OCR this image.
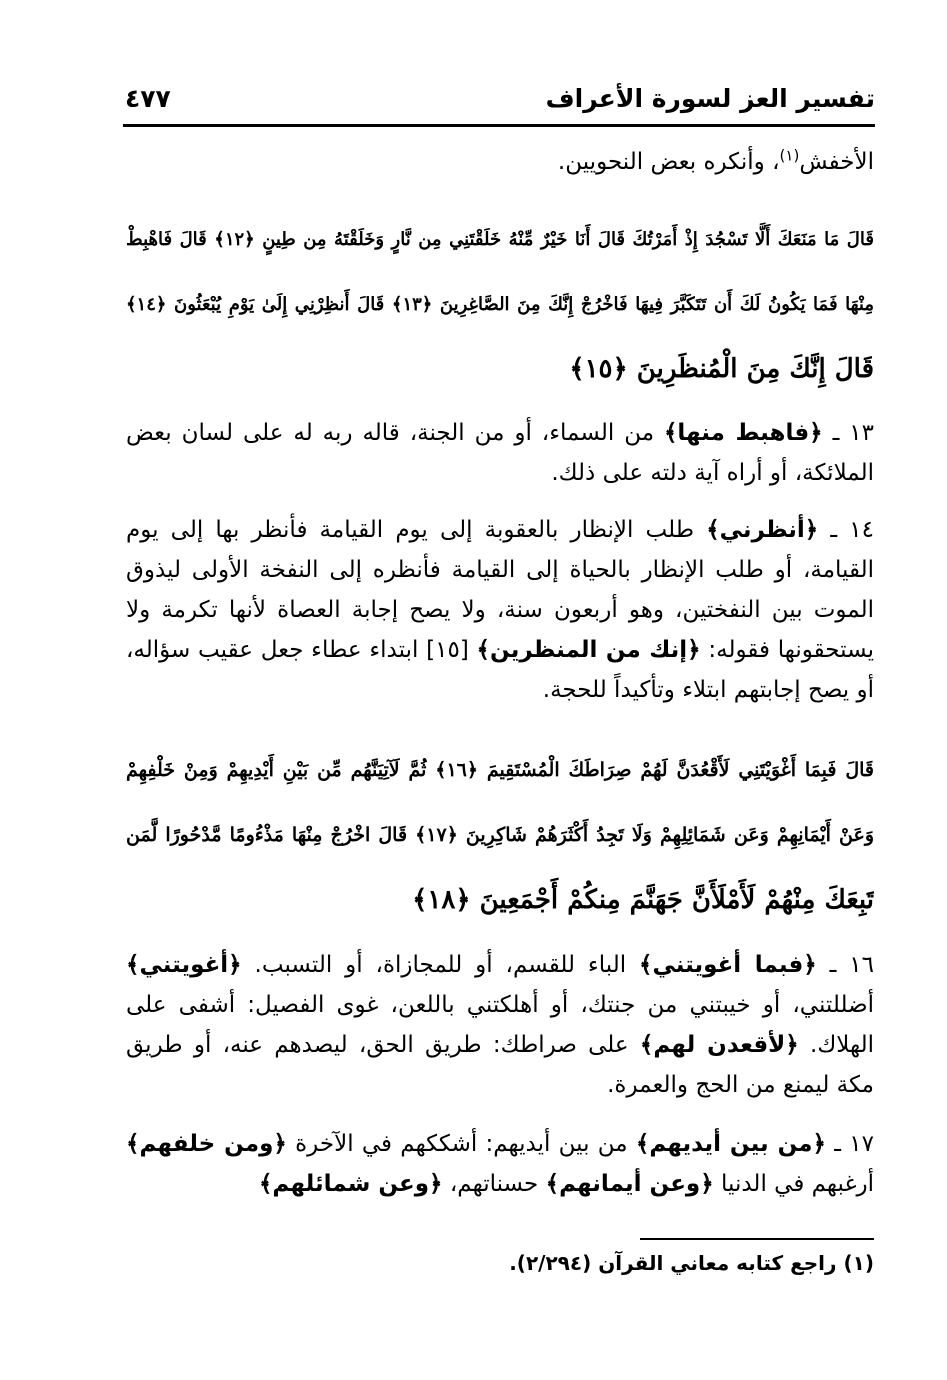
تفسير العز لسورة الأعراف
٤٧٧
الأخفش$^{(١)}$، وأنكره بعض النحويين.
قَالَ مَا مَنَعَكَ أَلَّا تَسْجُدَ إِذْ أَمَرْتُكَ قَالَ أَنَا خَيْرٌ مِّنْهُ خَلَقْتَنِي مِن نَّارٍ وَخَلَقْتَهُ مِن طِينٍ ﴿١٢﴾ قَالَ فَاهْبِطْ
مِنْهَا فَمَا يَكُونُ لَكَ أَن تَتَكَبَّرَ فِيهَا فَاخْرُجْ إِنَّكَ مِنَ الصَّاغِرِينَ ﴿١٣﴾ قَالَ أَنظِرْنِي إِلَىٰ يَوْمِ يُبْعَثُونَ ﴿١٤﴾
قَالَ إِنَّكَ مِنَ الْمُنظَرِينَ ﴿١٥﴾
١٣ ـ ﴿فاهبط منها﴾ من السماء، أو من الجنة، قاله ربه له على لسان بعض الملائكة، أو أراه آية دلته على ذلك.
١٤ ـ ﴿أنظرني﴾ طلب الإنظار بالعقوبة إلى يوم القيامة فأنظر بها إلى يوم القيامة، أو طلب الإنظار بالحياة إلى القيامة فأنظره إلى النفخة الأولى ليذوق الموت بين النفختين، وهو أربعون سنة، ولا يصح إجابة العصاة لأنها تكرمة ولا يستحقونها فقوله: ﴿إنك من المنظرين﴾ [١٥] ابتداء عطاء جعل عقيب سؤاله، أو يصح إجابتهم ابتلاء وتأكيداً للحجة.
قَالَ فَبِمَا أَغْوَيْتَنِي لَأَقْعُدَنَّ لَهُمْ صِرَاطَكَ الْمُسْتَقِيمَ ﴿١٦﴾ ثُمَّ لَآتِيَنَّهُم مِّن بَيْنِ أَيْدِيهِمْ وَمِنْ خَلْفِهِمْ
وَعَنْ أَيْمَانِهِمْ وَعَن شَمَائِلِهِمْ وَلَا تَجِدُ أَكْثَرَهُمْ شَاكِرِينَ ﴿١٧﴾ قَالَ اخْرُجْ مِنْهَا مَذْءُومًا مَّدْحُورًا لَّمَن
تَبِعَكَ مِنْهُمْ لَأَمْلَأَنَّ جَهَنَّمَ مِنكُمْ أَجْمَعِينَ ﴿١٨﴾
١٦ ـ ﴿فبما أغويتني﴾ الباء للقسم، أو للمجازاة، أو التسبب. ﴿أغويتني﴾ أضللتني، أو خيبتني من جنتك، أو أهلكتني باللعن، غوى الفصيل: أشفى على الهلاك. ﴿لأقعدن لهم﴾ على صراطك: طريق الحق، ليصدهم عنه، أو طريق مكة ليمنع من الحج والعمرة.
١٧ ـ ﴿من بين أيديهم﴾ من بين أيديهم: أشككهم في الآخرة ﴿ومن خلفهم﴾ أرغبهم في الدنيا ﴿وعن أيمانهم﴾ حسناتهم، ﴿وعن شمائلهم﴾
(١) راجع كتابه معاني القرآن (٢/٢٩٤).
